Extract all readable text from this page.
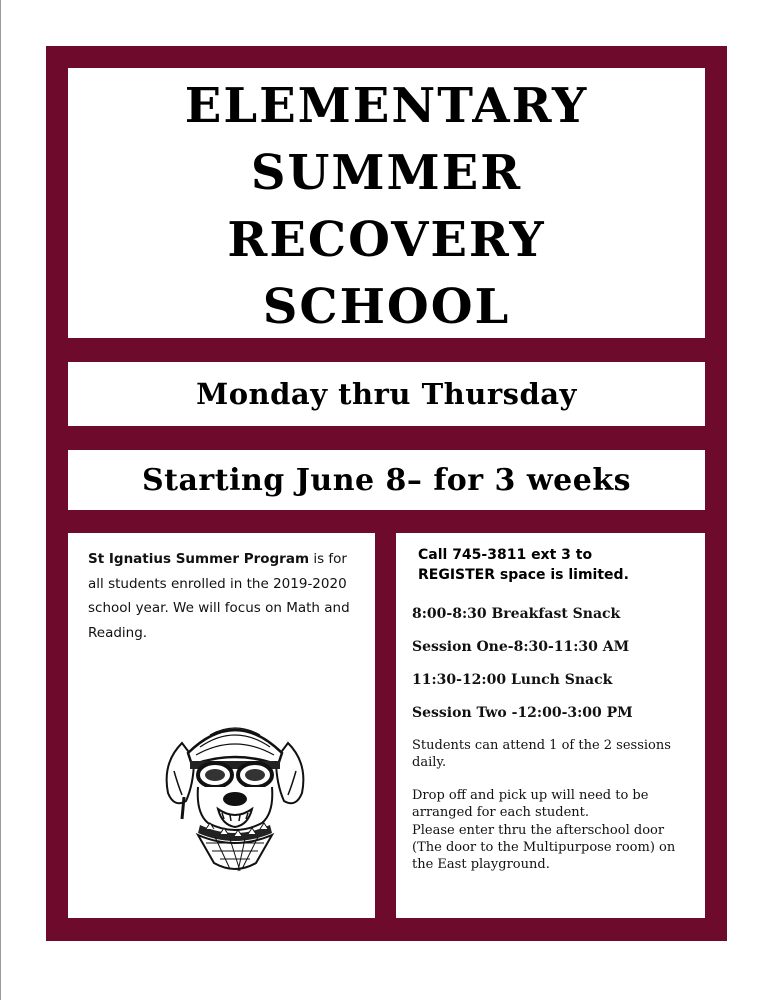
ELEMENTARY
SUMMER
RECOVERY
SCHOOL

Monday thru Thursday
Starting June 8– for 3 weeks
St Ignatius Summer Program is for all students enrolled in the 2019-2020 school year. We will focus on Math and Reading.
Call 745-3811 ext 3 to
REGISTER space is limited.
8:00-8:30 Breakfast Snack
Session One-8:30-11:30 AM
11:30-12:00 Lunch Snack
Session Two -12:00-3:00 PM
Students can attend 1 of the 2 sessions daily.
Drop off and pick up will need to be arranged for each student.
Please enter thru the afterschool door (The door to the Multipurpose room) on the East playground.
